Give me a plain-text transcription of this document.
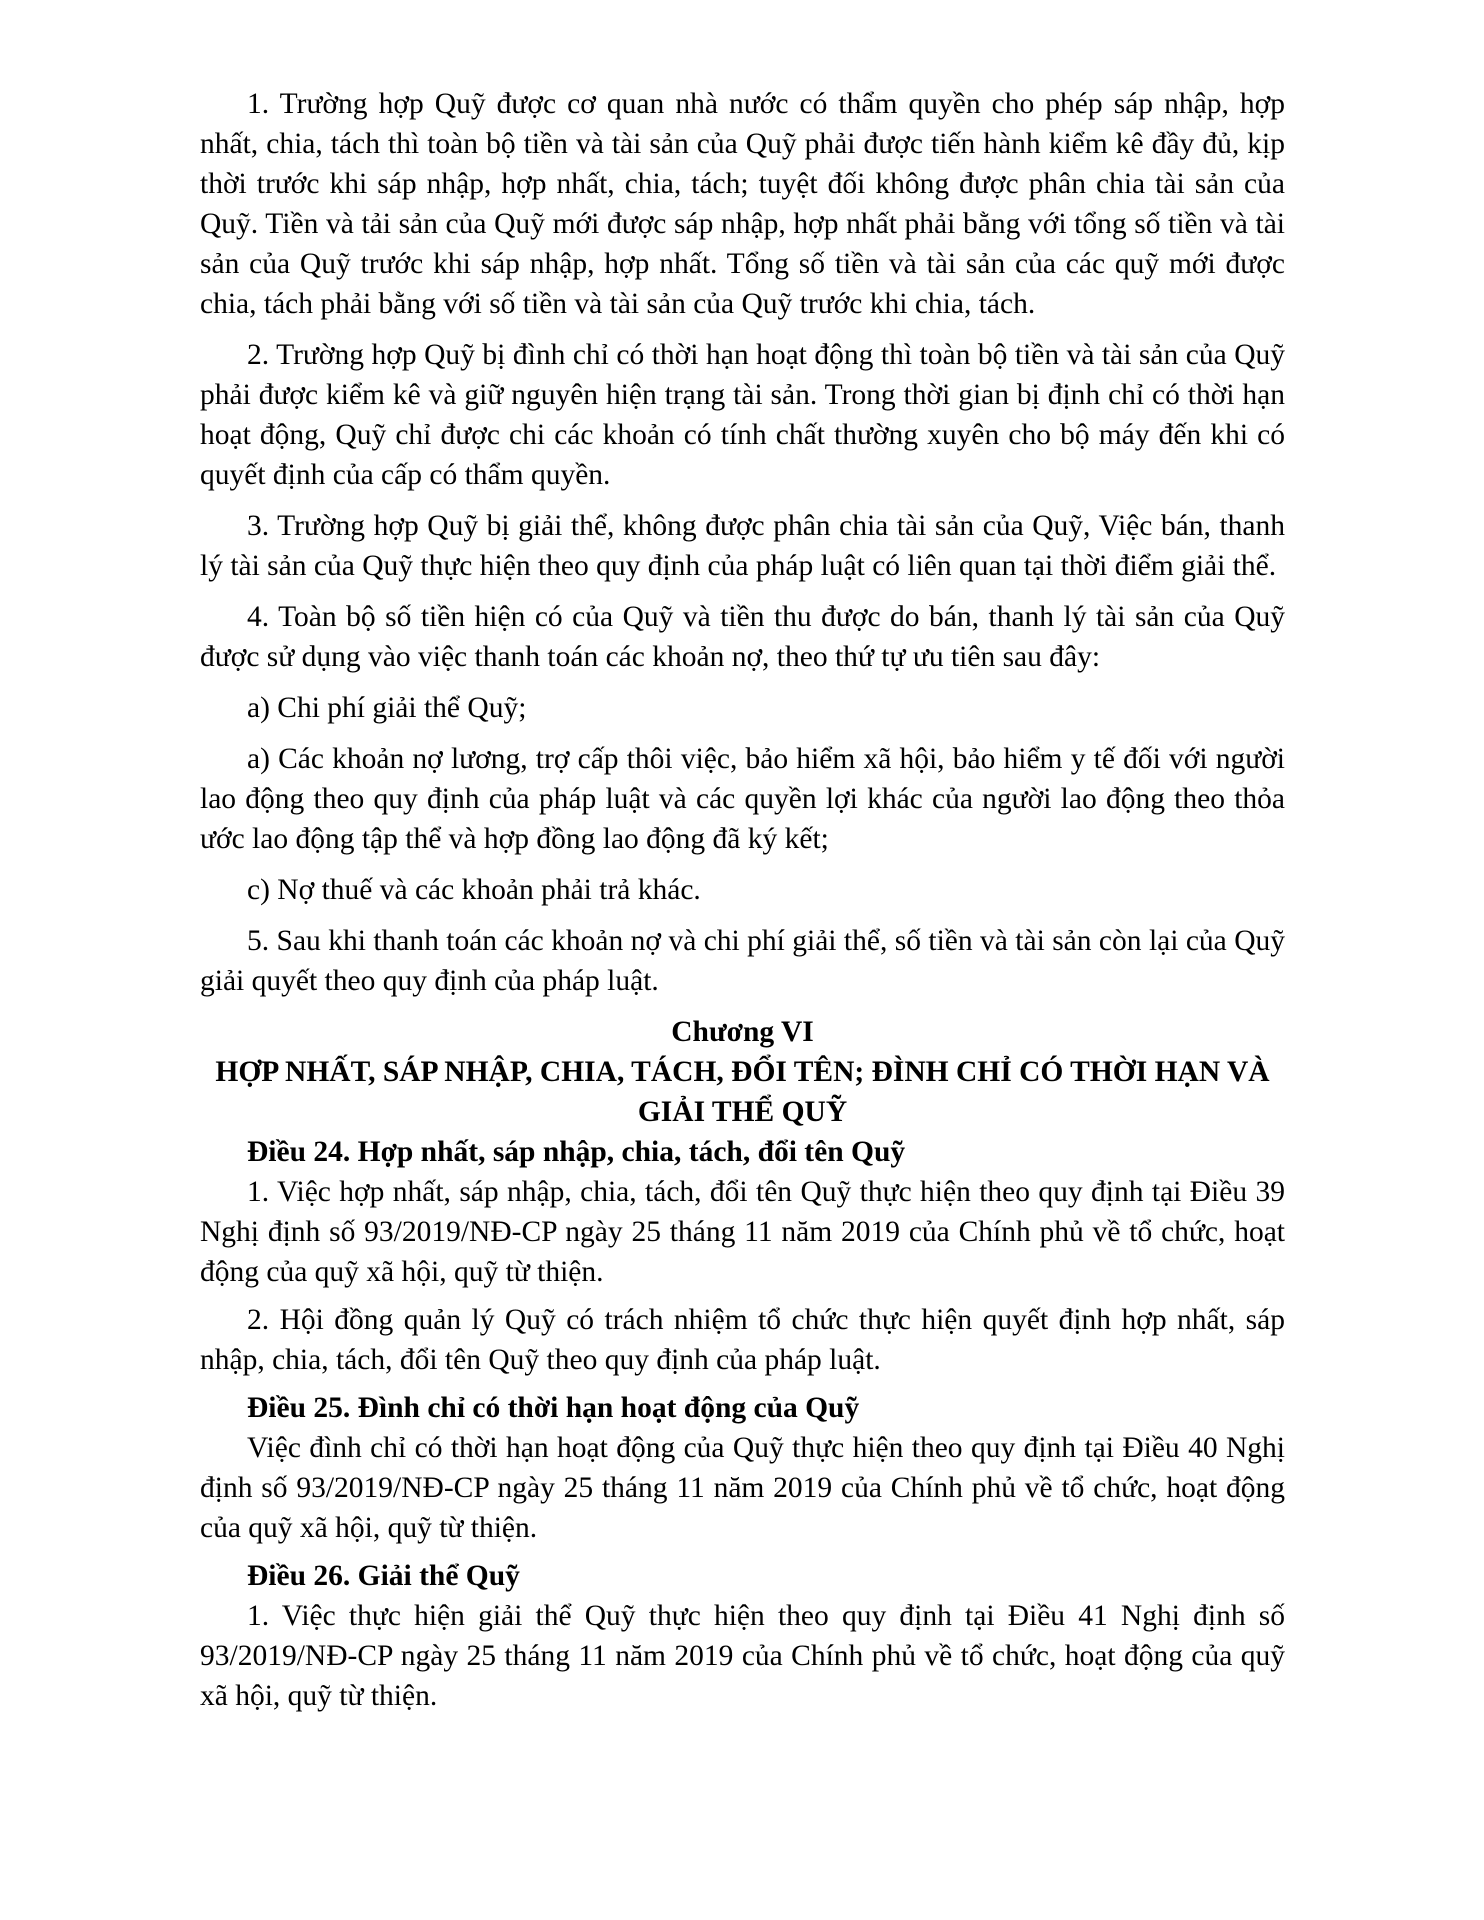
1. Trường hợp Quỹ được cơ quan nhà nước có thẩm quyền cho phép sáp nhập, hợp nhất, chia, tách thì toàn bộ tiền và tài sản của Quỹ phải được tiến hành kiểm kê đầy đủ, kịp thời trước khi sáp nhập, hợp nhất, chia, tách; tuyệt đối không được phân chia tài sản của Quỹ. Tiền và tải sản của Quỹ mới được sáp nhập, hợp nhất phải bằng với tổng số tiền và tài sản của Quỹ trước khi sáp nhập, hợp nhất. Tổng số tiền và tài sản của các quỹ mới được chia, tách phải bằng với số tiền và tài sản của Quỹ trước khi chia, tách.

2. Trường hợp Quỹ bị đình chỉ có thời hạn hoạt động thì toàn bộ tiền và tài sản của Quỹ phải được kiểm kê và giữ nguyên hiện trạng tài sản. Trong thời gian bị định chỉ có thời hạn hoạt động, Quỹ chỉ được chi các khoản có tính chất thường xuyên cho bộ máy đến khi có quyết định của cấp có thẩm quyền.

3. Trường hợp Quỹ bị giải thể, không được phân chia tài sản của Quỹ, Việc bán, thanh lý tài sản của Quỹ thực hiện theo quy định của pháp luật có liên quan tại thời điểm giải thể.

4. Toàn bộ số tiền hiện có của Quỹ và tiền thu được do bán, thanh lý tài sản của Quỹ được sử dụng vào việc thanh toán các khoản nợ, theo thứ tự ưu tiên sau đây:

a) Chi phí giải thể Quỹ;

a) Các khoản nợ lương, trợ cấp thôi việc, bảo hiểm xã hội, bảo hiểm y tế đối với người lao động theo quy định của pháp luật và các quyền lợi khác của người lao động theo thỏa ước lao động tập thể và hợp đồng lao động đã ký kết;

c) Nợ thuế và các khoản phải trả khác.

5. Sau khi thanh toán các khoản nợ và chi phí giải thể, số tiền và tài sản còn lại của Quỹ giải quyết theo quy định của pháp luật.

Chương VI

HỢP NHẤT, SÁP NHẬP, CHIA, TÁCH, ĐỔI TÊN; ĐÌNH CHỈ CÓ THỜI HẠN VÀ GIẢI THỂ QUỸ

Điều 24. Hợp nhất, sáp nhập, chia, tách, đổi tên Quỹ

1. Việc hợp nhất, sáp nhập, chia, tách, đổi tên Quỹ thực hiện theo quy định tại Điều 39 Nghị định số 93/2019/NĐ-CP ngày 25 tháng 11 năm 2019 của Chính phủ về tổ chức, hoạt động của quỹ xã hội, quỹ từ thiện.

2. Hội đồng quản lý Quỹ có trách nhiệm tổ chức thực hiện quyết định hợp nhất, sáp nhập, chia, tách, đổi tên Quỹ theo quy định của pháp luật.

Điều 25. Đình chỉ có thời hạn hoạt động của Quỹ

Việc đình chỉ có thời hạn hoạt động của Quỹ thực hiện theo quy định tại Điều 40 Nghị định số 93/2019/NĐ-CP ngày 25 tháng 11 năm 2019 của Chính phủ về tổ chức, hoạt động của quỹ xã hội, quỹ từ thiện.

Điều 26. Giải thể Quỹ

1. Việc thực hiện giải thể Quỹ thực hiện theo quy định tại Điều 41 Nghị định số 93/2019/NĐ-CP ngày 25 tháng 11 năm 2019 của Chính phủ về tổ chức, hoạt động của quỹ xã hội, quỹ từ thiện.
